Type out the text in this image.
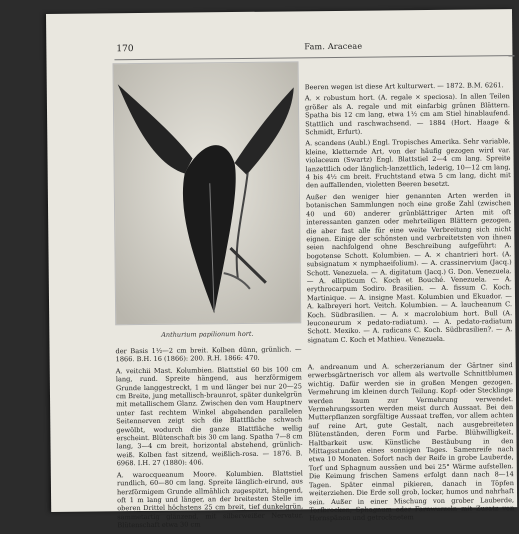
170	Fam. Araceae
Anthurium papilionum hort.

Beeren wegen ist diese Art kulturwert. — 1872. B.M. 6261.

A. × robustum hort. (A. regale × speciosa). In allen Teilen größer als A. regale und mit einfarbig grünen Blättern. Spatha bis 12 cm lang, etwa 1½ cm am Stiel hinablaufend. Stattlich und raschwachsend. — 1884 (Hort. Haage & Schmidt, Erfurt).

A. scandens (Aubl.) Engl. Tropisches Amerika. Sehr variable, kleine, kletternde Art, von der häufig gezogen wird var. violaceum (Swartz) Engl. Blattstiel 2—4 cm lang. Spreite lanzettlich oder länglich-lanzettlich, lederig, 10—12 cm lang, 4 bis 4½ cm breit. Fruchtstand etwa 5 cm lang, dicht mit den auffallenden, violetten Beeren besetzt.

Außer den weniger hier genannten Arten werden in botanischen Sammlungen noch eine große Zahl (zwischen 40 und 60) anderer grünblättriger Arten mit oft interessanten ganzen oder mehrteiligen Blättern gezogen, die aber fast alle für eine weite Verbreitung sich nicht eignen. Einige der schönsten und verbreitetsten von ihnen seien nachfolgend ohne Beschreibung aufgeführt: A. bogotense Schott. Kolumbien. — A. × chantrieri hort. (A. subsignatum × nymphaeifolium). — A. crassinervium (Jacq.) Schott. Venezuela. — A. digitatum (Jacq.) G. Don. Venezuela. — A. ellipticum C. Koch et Bouché. Venezuela. — A. erythrocarpum Sodiro. Brasilien. — A. fissum C. Koch. Martinique. — A. insigne Mast. Kolumbien und Ekuador. — A. kalbreyeri hort. Veitch. Kolumbien. — A. laucheanum C. Koch. Südbrasilien. — A. × macrolobium hort. Bull (A. leuconeurum × pedato-radiatum). — A. pedato-radiatum Schott. Mexiko. — A. radicans C. Koch. Südbrasilien?. — A. signatum C. Koch et Mathieu. Venezuela.

der Basis 1½—2 cm breit. Kolben dünn, grünlich. — 1866. B.H. 16 (1866): 200. R.H. 1866: 470.

A. veitchii Mast. Kolumbien. Blattstiel 60 bis 100 cm lang, rund. Spreite hängend, aus herzförmigem Grunde langgestreckt, 1 m und länger bei nur 20—25 cm Breite, jung metallisch-braunrot, später dunkelgrün mit metallischem Glanz. Zwischen den vom Hauptnerv unter fast rechtem Winkel abgehenden parallelen Seitennerven zeigt sich die Blattfläche schwach gewölbt, wodurch die ganze Blattfläche wellig erscheint. Blütenschaft bis 30 cm lang. Spatha 7—8 cm lang, 3—4 cm breit, horizontal abstehend, grünlich-weiß. Kolben fast sitzend, weißlich-rosa. — 1876. B. 6968. I.H. 27 (1880): 406.

A. warocqueanum Moore. Kolumbien. Blattstiel rundlich, 60—80 cm lang. Spreite länglich-eirund, aus herzförmigem Grunde allmählich zugespitzt, hängend, oft 1 m lang und länger, an der breitesten Stelle im oberen Drittel höchstens 25 cm breit, tief dunkelgrün, sammetartig glänzend, mit silberweißer Nervatur. Blütenschaft etwa 30 cm

A. andreanum und A. scherzerianum der Gärtner sind erwerbsgärtnerisch vor allem als wertvolle Schnittblumen wichtig. Dafür werden sie in großen Mengen gezogen. Vermehrung im kleinen durch Teilung. Kopf- oder Stecklinge werden kaum zur Vermehrung verwendet. Vermehrungssorten werden meist durch Aussaat. Bei den Mutterpflanzen sorgfältige Aussaat treffen, vor allem achten auf reine Art, gute Gestalt, nach ausgebreiteten Blütenständen, deren Form und Farbe. Blühwilligkeit, Haltbarkeit usw. Künstliche Bestäubung in den Mittagsstunden eines sonnigen Tages. Samenreife nach etwa 10 Monaten. Sofort nach der Reife in grobe Lauberde, Torf und Sphagnum aussäen und bei 25° Wärme aufstellen. Die Keimung frischen Samens erfolgt dann nach 8—14 Tagen. Später einmal pikieren, danach in Töpfen weiterziehen. Die Erde soll grob, locker, humos und nahrhaft sein. Außer in einer Mischung von grober Lauberde, Torfbrocken, Sphagnum oder Farnwurzeln mit Zusatz von Hornspänen und getrocknetem
